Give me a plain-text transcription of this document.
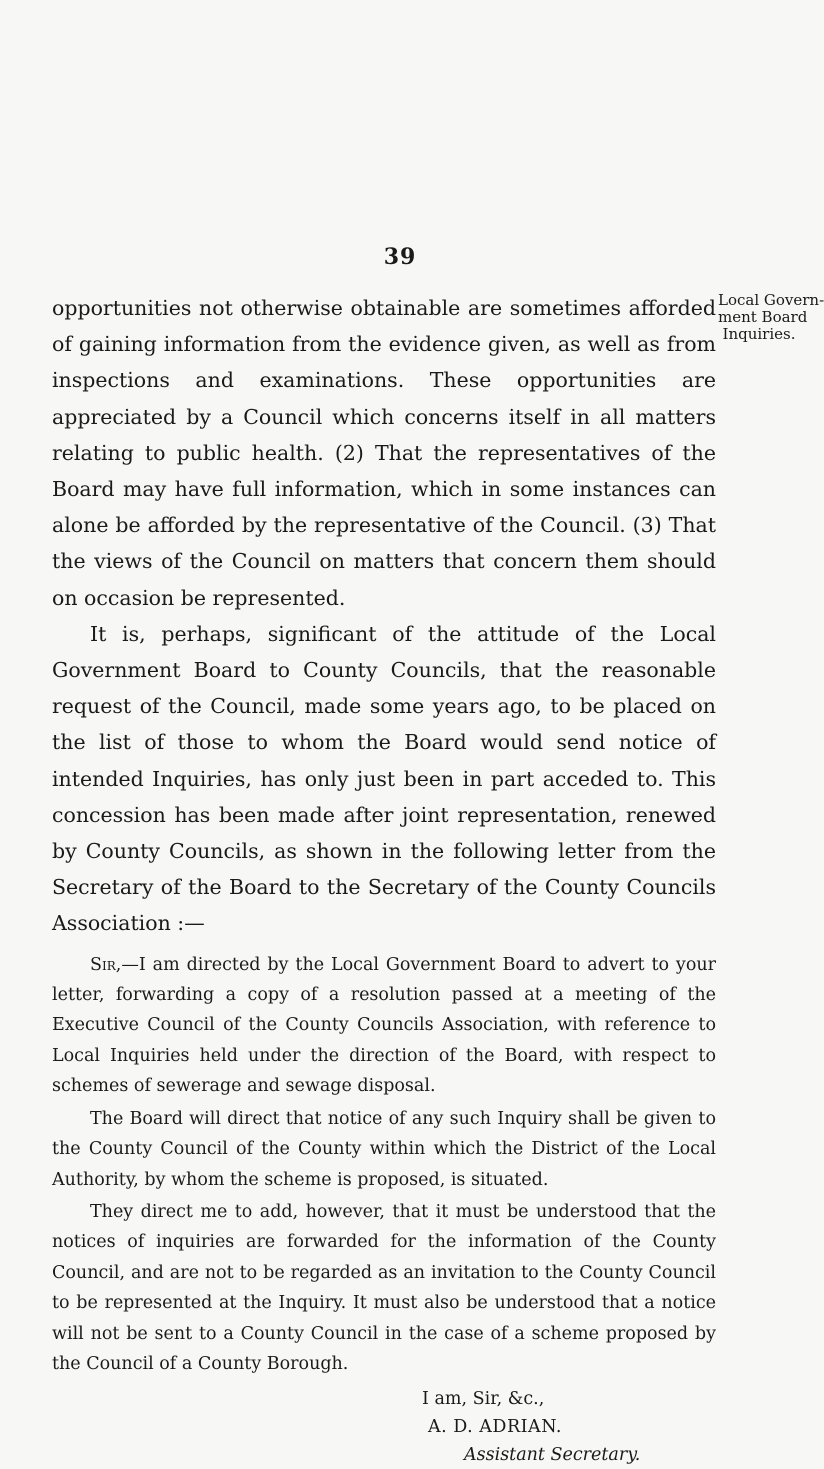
39
Local Govern-
ment Board
Inquiries.

opportunities not otherwise obtainable are sometimes afforded of gaining information from the evidence given, as well as from inspections and examinations. These opportunities are appreciated by a Council which concerns itself in all matters relating to public health. (2) That the representatives of the Board may have full information, which in some instances can alone be afforded by the representative of the Council. (3) That the views of the Council on matters that concern them should on occasion be represented.

It is, perhaps, significant of the attitude of the Local Government Board to County Councils, that the reasonable request of the Council, made some years ago, to be placed on the list of those to whom the Board would send notice of intended Inquiries, has only just been in part acceded to. This concession has been made after joint representation, renewed by County Councils, as shown in the following letter from the Secretary of the Board to the Secretary of the County Councils Association :—

Sir,—I am directed by the Local Government Board to advert to your letter, forwarding a copy of a resolution passed at a meeting of the Executive Council of the County Councils Association, with reference to Local Inquiries held under the direction of the Board, with respect to schemes of sewerage and sewage disposal.

The Board will direct that notice of any such Inquiry shall be given to the County Council of the County within which the District of the Local Authority, by whom the scheme is proposed, is situated.

They direct me to add, however, that it must be understood that the notices of inquiries are forwarded for the information of the County Council, and are not to be regarded as an invitation to the County Council to be represented at the Inquiry. It must also be understood that a notice will not be sent to a County Council in the case of a scheme proposed by the Council of a County Borough.

I am, Sir, &c.,
A. D. ADRIAN.
Assistant Secretary.
